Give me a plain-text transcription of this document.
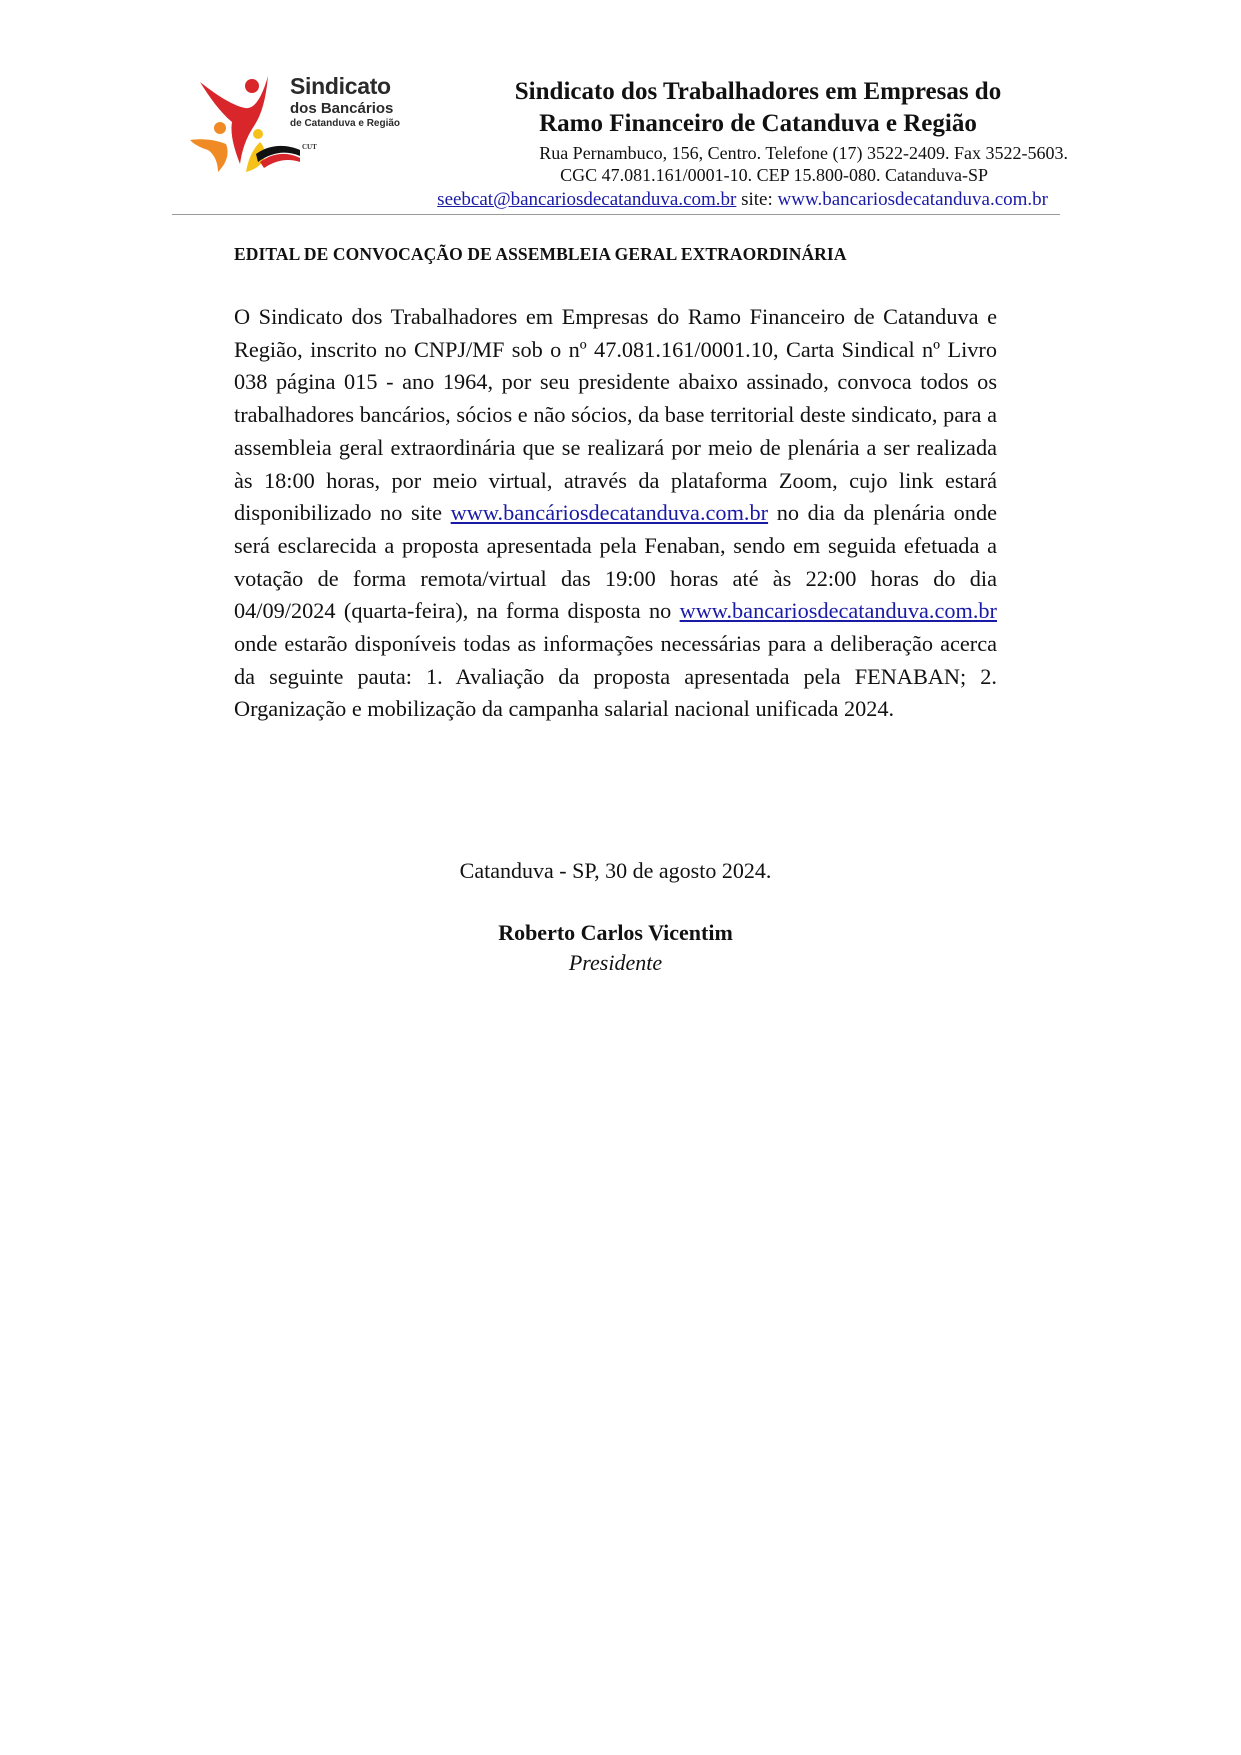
Sindicato
dos Bancários
de Catanduva e Região
CUT
Sindicato dos Trabalhadores em Empresas do
Ramo Financeiro de Catanduva e Região
Rua Pernambuco, 156, Centro. Telefone (17) 3522-2409. Fax 3522-5603.
CGC 47.081.161/0001-10. CEP 15.800-080. Catanduva-SP
seebcat@bancariosdecatanduva.com.br site: www.bancariosdecatanduva.com.br
EDITAL DE CONVOCAÇÃO DE ASSEMBLEIA GERAL EXTRAORDINÁRIA
O Sindicato dos Trabalhadores em Empresas do Ramo Financeiro de Catanduva e Região, inscrito no CNPJ/MF sob o nº 47.081.161/0001.10, Carta Sindical nº Livro 038 página 015 - ano 1964, por seu presidente abaixo assinado, convoca todos os trabalhadores bancários, sócios e não sócios, da base territorial deste sindicato, para a assembleia geral extraordinária que se realizará por meio de plenária a ser realizada às 18:00 horas, por meio virtual, através da plataforma Zoom, cujo link estará disponibilizado no site www.bancáriosdecatanduva.com.br no dia da plenária onde será esclarecida a proposta apresentada pela Fenaban, sendo em seguida efetuada a votação de forma remota/virtual das 19:00 horas até às 22:00 horas do dia 04/09/2024 (quarta-feira), na forma disposta no www.bancariosdecatanduva.com.br onde estarão disponíveis todas as informações necessárias para a deliberação acerca da seguinte pauta: 1. Avaliação da proposta apresentada pela FENABAN; 2. Organização e mobilização da campanha salarial nacional unificada 2024.
Catanduva - SP, 30 de agosto 2024.
Roberto Carlos Vicentim
Presidente
